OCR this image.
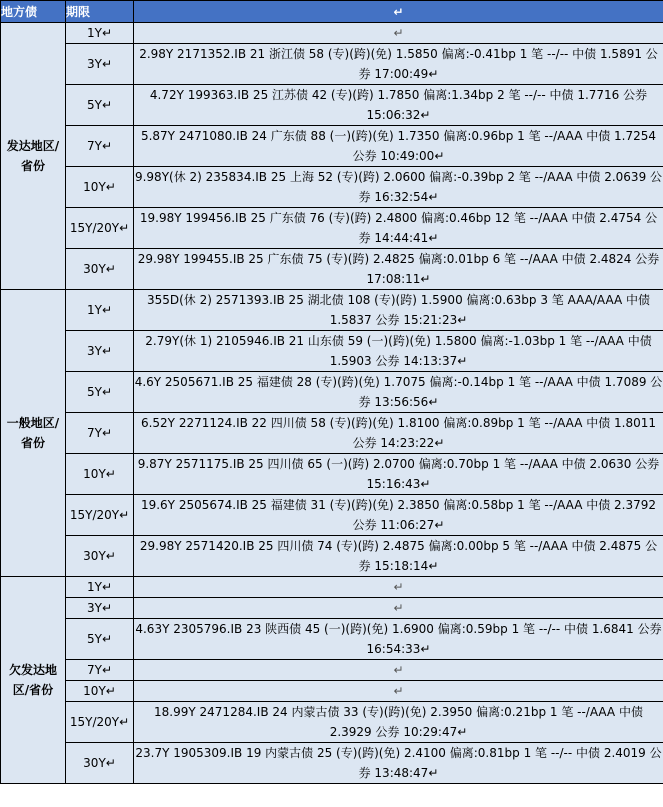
地方债	期限	↵
发达地区/省份	1Y↵	↵
	3Y↵	2.98Y 2171352.IB 21 浙江债 58 (专)(跨)(免) 1.5850 偏离:-0.41bp 1 笔 --/-- 中债 1.5891 公券 17:00:49↵
	5Y↵	4.72Y 199363.IB 25 江苏债 42 (专)(跨) 1.7850 偏离:1.34bp 2 笔 --/-- 中债 1.7716 公券 15:06:32↵
	7Y↵	5.87Y 2471080.IB 24 广东债 88 (一)(跨)(免) 1.7350 偏离:0.96bp 1 笔 --/AAA 中债 1.7254 公券 10:49:00↵
	10Y↵	9.98Y(休 2) 235834.IB 25 上海 52 (专)(跨) 2.0600 偏离:-0.39bp 2 笔 --/AAA 中债 2.0639 公券 16:32:54↵
	15Y/20Y↵	19.98Y 199456.IB 25 广东债 76 (专)(跨) 2.4800 偏离:0.46bp 12 笔 --/AAA 中债 2.4754 公券 14:44:41↵
	30Y↵	29.98Y 199455.IB 25 广东债 75 (专)(跨) 2.4825 偏离:0.01bp 6 笔 --/AAA 中债 2.4824 公券 17:08:11↵
一般地区/省份	1Y↵	355D(休 2) 2571393.IB 25 湖北债 108 (专)(跨) 1.5900 偏离:0.63bp 3 笔 AAA/AAA 中债 1.5837 公券 15:21:23↵
	3Y↵	2.79Y(休 1) 2105946.IB 21 山东债 59 (一)(跨)(免) 1.5800 偏离:-1.03bp 1 笔 --/AAA 中债 1.5903 公券 14:13:37↵
	5Y↵	4.6Y 2505671.IB 25 福建债 28 (专)(跨)(免) 1.7075 偏离:-0.14bp 1 笔 --/AAA 中债 1.7089 公券 13:56:56↵
	7Y↵	6.52Y 2271124.IB 22 四川债 58 (专)(跨)(免) 1.8100 偏离:0.89bp 1 笔 --/AAA 中债 1.8011 公券 14:23:22↵
	10Y↵	9.87Y 2571175.IB 25 四川债 65 (一)(跨) 2.0700 偏离:0.70bp 1 笔 --/AAA 中债 2.0630 公券 15:16:43↵
	15Y/20Y↵	19.6Y 2505674.IB 25 福建债 31 (专)(跨)(免) 2.3850 偏离:0.58bp 1 笔 --/AAA 中债 2.3792 公券 11:06:27↵
	30Y↵	29.98Y 2571420.IB 25 四川债 74 (专)(跨) 2.4875 偏离:0.00bp 5 笔 --/AAA 中债 2.4875 公券 15:18:14↵
欠发达地区/省份	1Y↵	↵
	3Y↵	↵
	5Y↵	4.63Y 2305796.IB 23 陕西债 45 (一)(跨)(免) 1.6900 偏离:0.59bp 1 笔 --/-- 中债 1.6841 公券 16:54:33↵
	7Y↵	↵
	10Y↵	↵
	15Y/20Y↵	18.99Y 2471284.IB 24 内蒙古债 33 (专)(跨)(免) 2.3950 偏离:0.21bp 1 笔 --/AAA 中债 2.3929 公券 10:29:47↵
	30Y↵	23.7Y 1905309.IB 19 内蒙古债 25 (专)(跨)(免) 2.4100 偏离:0.81bp 1 笔 --/-- 中债 2.4019 公券 13:48:47↵
